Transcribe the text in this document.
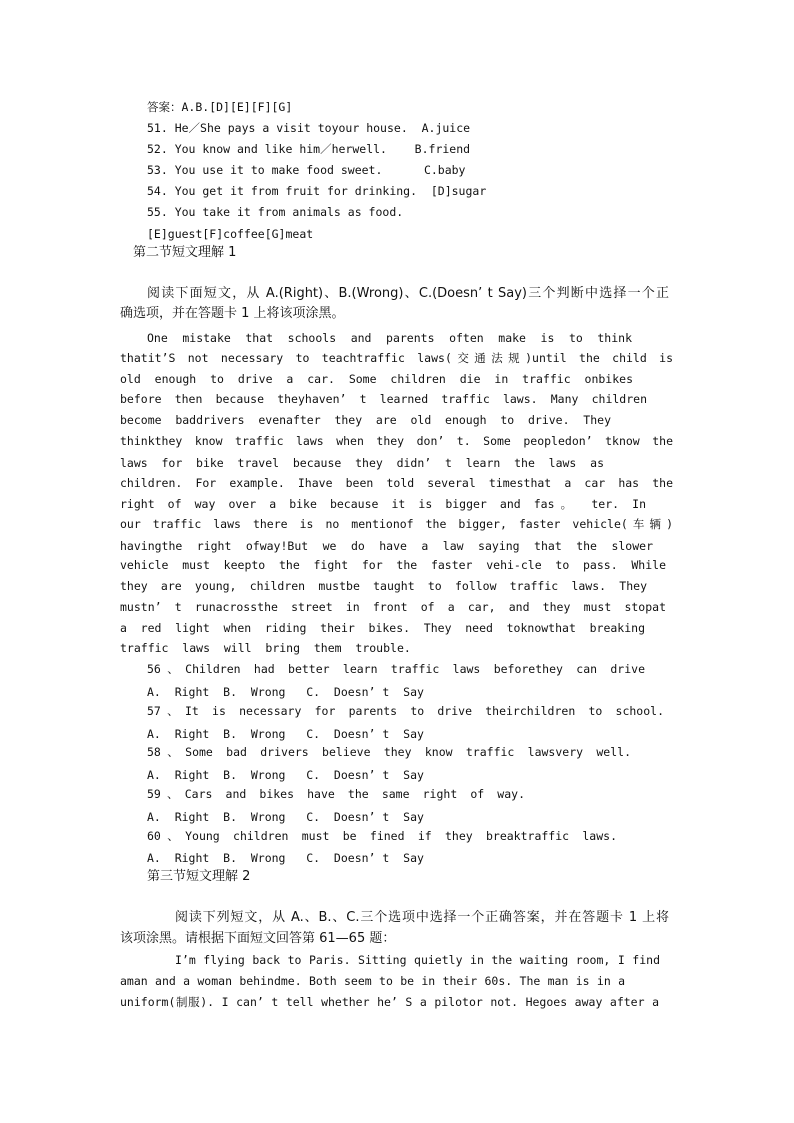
答案：A.B.[D][E][F][G]
51. He／She pays a visit toyour house.  A.juice
52. You know and like him／herwell.    B.friend
53. You use it to make food sweet.      C.baby
54. You get it from fruit for drinking.  [D]sugar
55. You take it from animals as food.
[E]guest[F]coffee[G]meat
第二节短文理解 1
阅读下面短文，从 A.(Right)、B.(Wrong)、C.(Doesn’ t Say)三个判断中选择一个正
确选项，并在答题卡 1 上将该项涂黑。
One mistake that schools and parents often make is to think
thatit’S not necessary to teachtraffic laws(交通法规)until the child is
old enough to drive a car. Some children die in traffic onbikes
before then because theyhaven’ t learned traffic laws. Many children
become baddrivers evenafter they are old enough to drive. They
thinkthey know traffic laws when they don’ t. Some peopledon’ tknow the
laws for bike travel because they didn’ t learn the laws as
children. For example. Ihave been told several timesthat a car has the
right of way over a bike because it is bigger and fas。 ter. In
our traffic laws there is no mentionof the bigger, faster vehicle(车辆)
havingthe right ofway!But we do have a law saying that the slower
vehicle must keepto the fight for the faster vehi-cle to pass. While
they are young, children mustbe taught to follow traffic laws. They
mustn’ t runacrossthe street in front of a car, and they must stopat
a red light when riding their bikes. They need toknowthat breaking
traffic  laws  will  bring  them  trouble.
56、Children had better learn traffic laws beforethey can drive
A.  Right  B.  Wrong   C.  Doesn’ t  Say
57、It is necessary for parents to drive theirchildren to school.
A.  Right  B.  Wrong   C.  Doesn’ t  Say
58、Some bad drivers believe they know traffic lawsvery well.
A.  Right  B.  Wrong   C.  Doesn’ t  Say
59、Cars and bikes have the same right of way.
A.  Right  B.  Wrong   C.  Doesn’ t  Say
60、Young children must be fined if they breaktraffic laws.
A.  Right  B.  Wrong   C.  Doesn’ t  Say
第三节短文理解 2
阅读下列短文，从 A.、B.、C.三个选项中选择一个正确答案，并在答题卡 1 上将
该项涂黑。请根据下面短文回答第 61—65 题：
I’m flying back to Paris. Sitting quietly in the waiting room, I find
aman and a woman behindme. Both seem to be in their 60s. The man is in a
uniform(制服). I can’ t tell whether he’ S a pilotor not. Hegoes away after a
